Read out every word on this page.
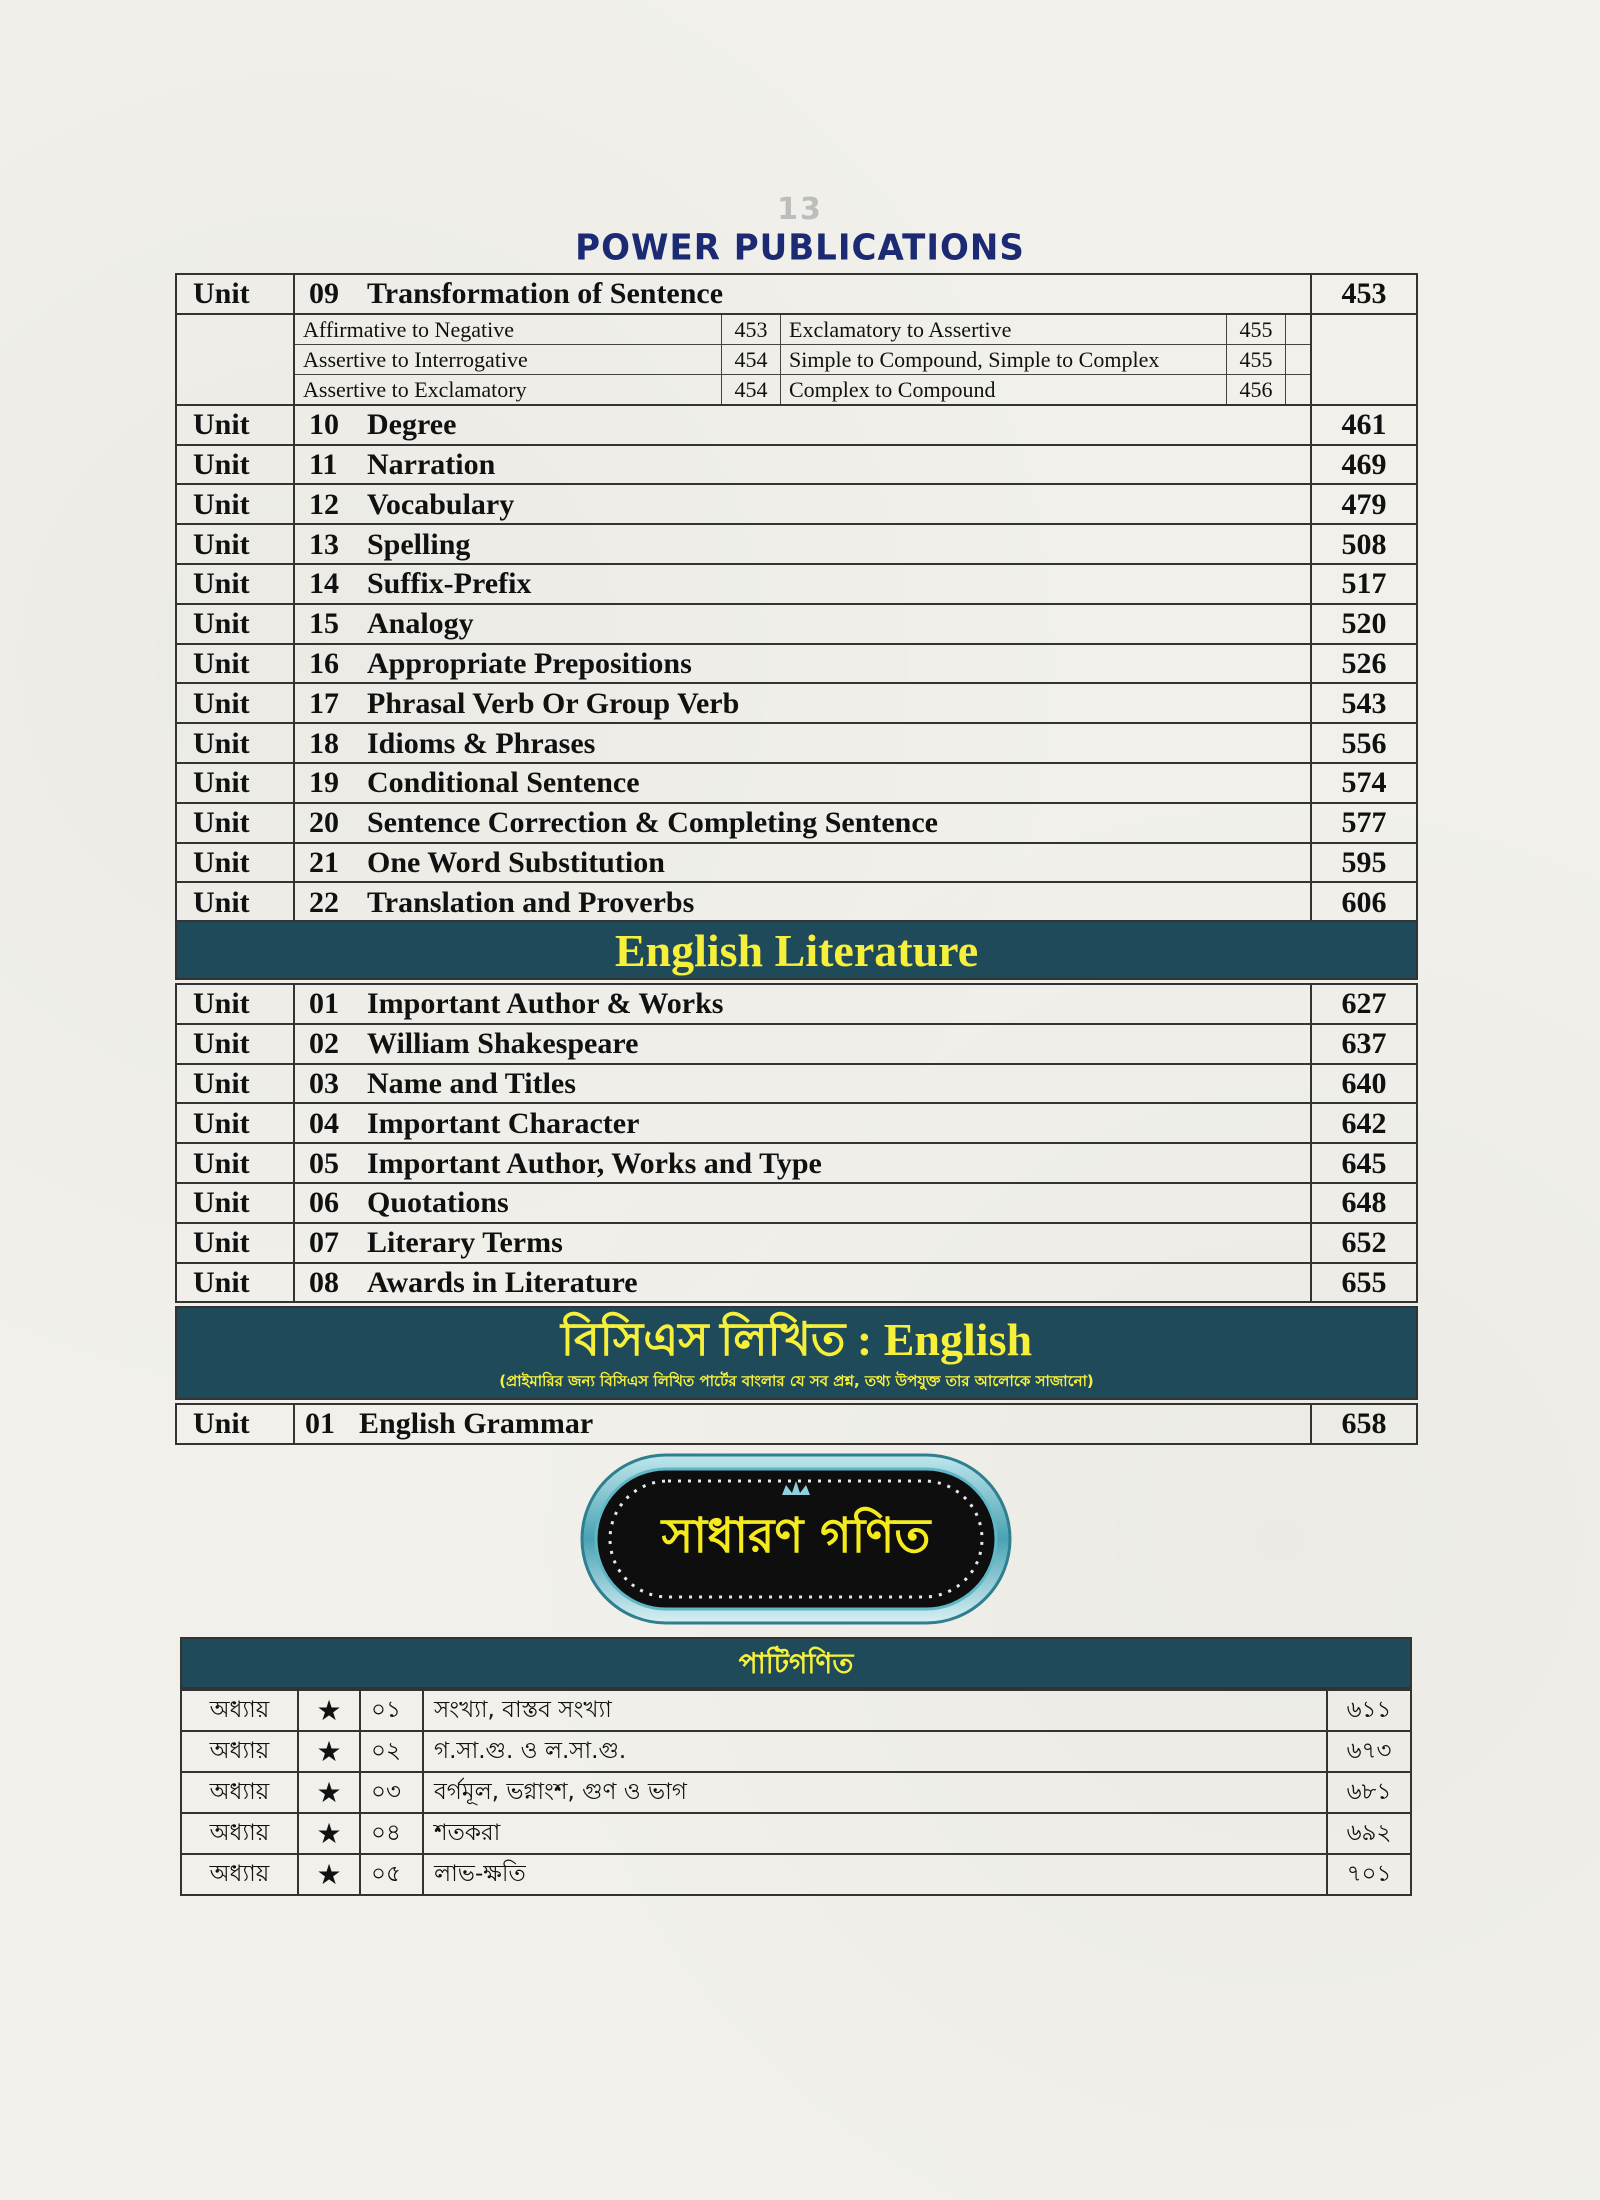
13
POWER PUBLICATIONS
Unit	09 Transformation of Sentence	453

Affirmative to Negative	453	Exclamatory to Assertive	455	
Assertive to Interrogative	454	Simple to Compound, Simple to Complex	455	
Assertive to Exclamatory	454	Complex to Compound	456	

Unit	10 Degree	461
Unit	11 Narration	469
Unit	12 Vocabulary	479
Unit	13 Spelling	508
Unit	14 Suffix-Prefix	517
Unit	15 Analogy	520
Unit	16 Appropriate Prepositions	526
Unit	17 Phrasal Verb Or Group Verb	543
Unit	18 Idioms & Phrases	556
Unit	19 Conditional Sentence	574
Unit	20 Sentence Correction & Completing Sentence	577
Unit	21 One Word Substitution	595
Unit	22 Translation and Proverbs	606
English Literature
Unit	01 Important Author & Works	627
Unit	02 William Shakespeare	637
Unit	03 Name and Titles	640
Unit	04 Important Character	642
Unit	05 Important Author, Works and Type	645
Unit	06 Quotations	648
Unit	07 Literary Terms	652
Unit	08 Awards in Literature	655
বিসিএস লিখিত : English
(প্রাইমারির জন্য বিসিএস লিখিত পার্টের বাংলার যে সব প্রশ্ন, তথ্য উপযুক্ত তার আলোকে সাজানো)
Unit	01 English Grammar	658
সাধারণ গণিত
পাটিগণিত
অধ্যায়	★	০১	সংখ্যা, বাস্তব সংখ্যা	৬১১
অধ্যায়	★	০২	গ.সা.গু. ও ল.সা.গু.	৬৭৩
অধ্যায়	★	০৩	বর্গমূল, ভগ্নাংশ, গুণ ও ভাগ	৬৮১
অধ্যায়	★	০৪	শতকরা	৬৯২
অধ্যায়	★	০৫	লাভ-ক্ষতি	৭০১
